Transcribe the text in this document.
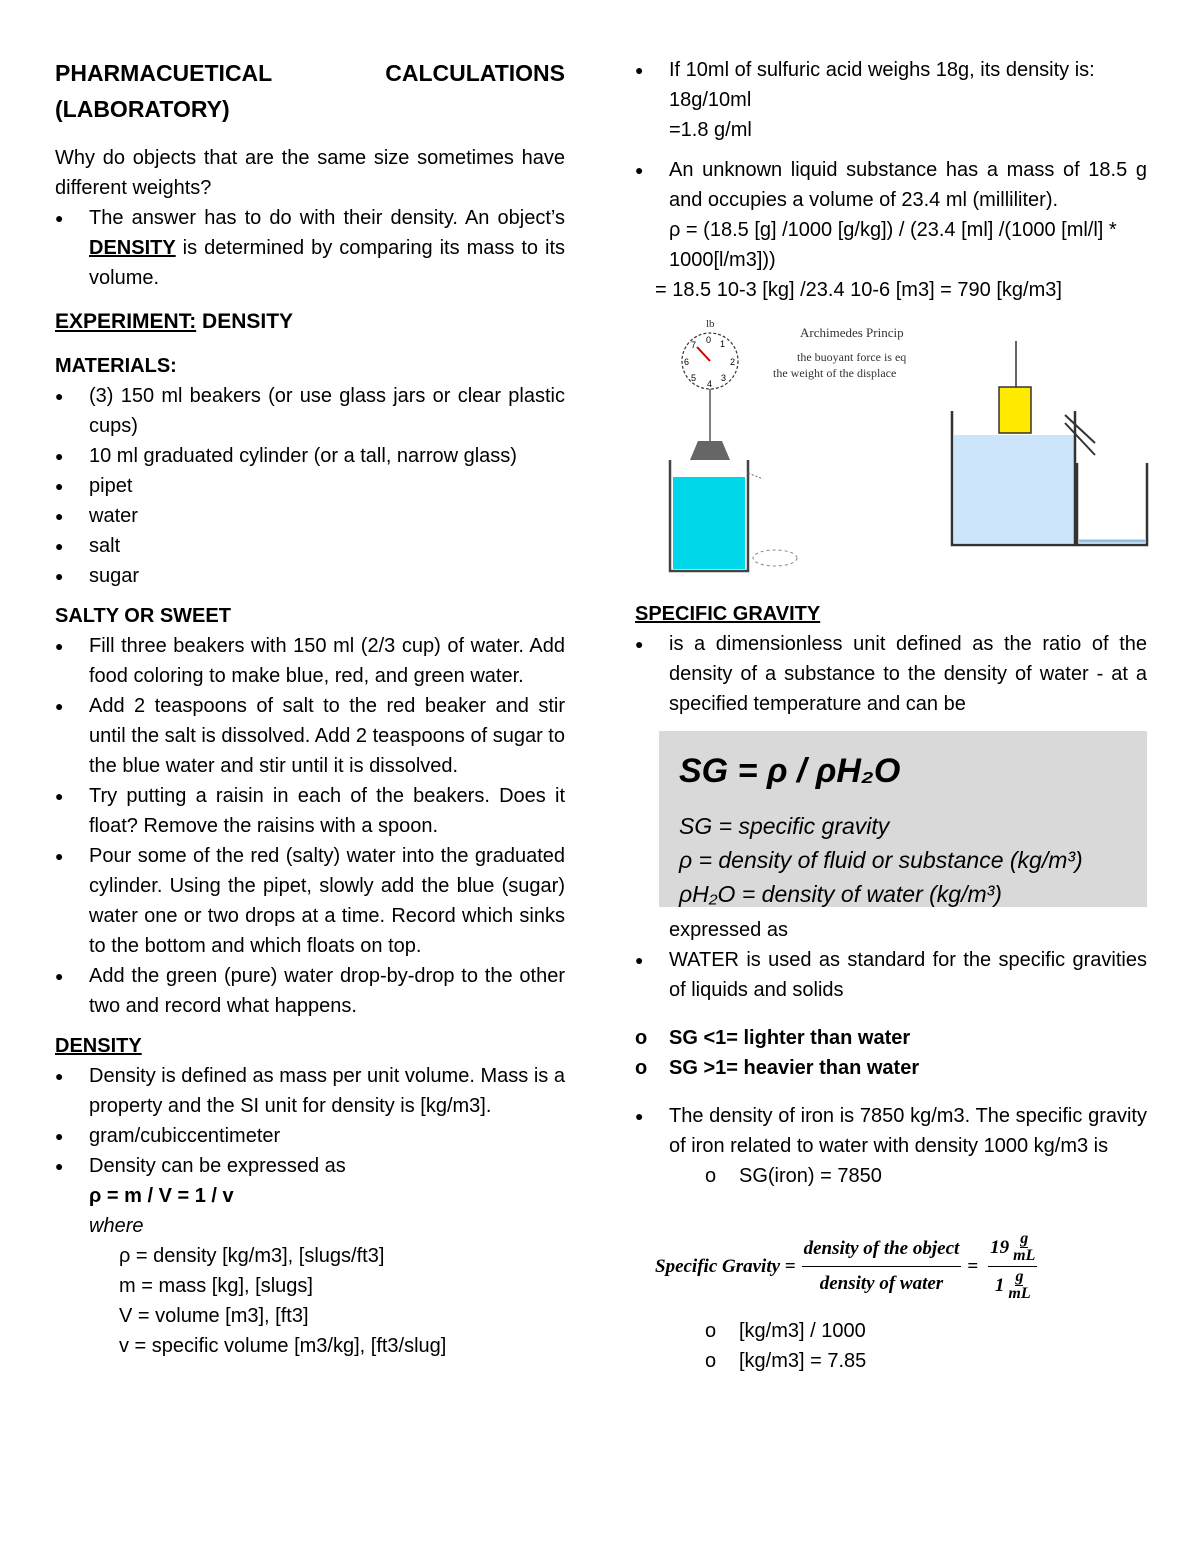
PHARMACUETICAL	CALCULATIONS
(LABORATORY)

Why do objects that are the same size sometimes have different weights?

● The answer has to do with their density. An object’s DENSITY is determined by comparing its mass to its volume.

EXPERIMENT: DENSITY

MATERIALS:

● (3) 150 ml beakers (or use glass jars or clear plastic cups)
● 10 ml graduated cylinder (or a tall, narrow glass)
● pipet
● water
● salt
● sugar

SALTY OR SWEET

● Fill three beakers with 150 ml (2/3 cup) of water. Add food coloring to make blue, red, and green water.
● Add 2 teaspoons of salt to the red beaker and stir until the salt is dissolved. Add 2 teaspoons of sugar to the blue water and stir until it is dissolved.
● Try putting a raisin in each of the beakers. Does it float? Remove the raisins with a spoon.
● Pour some of the red (salty) water into the graduated cylinder. Using the pipet, slowly add the blue (sugar) water one or two drops at a time. Record which sinks to the bottom and which floats on top.
● Add the green (pure) water drop-by-drop to the other two and record what happens.

DENSITY

● Density is defined as mass per unit volume. Mass is a property and the SI unit for density is [kg/m3].
● gram/cubiccentimeter
● Density can be expressed as

ρ = m / V = 1 / v

where

ρ = density [kg/m3], [slugs/ft3]

m = mass [kg], [slugs]

V = volume [m3], [ft3]

v = specific volume [m3/kg], [ft3/slug]

● If 10ml of sulfuric acid weighs 18g, its density is:
18g/10ml
=1.8 g/ml
● An unknown liquid substance has a mass of 18.5 g and occupies a volume of 23.4 ml (milliliter).
ρ = (18.5 [g] /1000 [g/kg]) / (23.4 [ml] /(1000 [ml/l] * 1000[l/m3]))

= 18.5 10-3 [kg] /23.4 10-6 [m3] = 790 [kg/m3]

lb
0 1
2
3
4
5
6
7
Archimedes Princip
the buoyant force is eq
the weight of the displace

SPECIFIC GRAVITY

● is a dimensionless unit defined as the ratio of the density of a substance to the density of water - at a specified temperature and can be
SG = ρ / ρH₂O
SG = specific gravity
ρ = density of fluid or substance (kg/m³)
ρH₂O = density of water (kg/m³)

expressed as

● WATER is used as standard for the specific gravities of liquids and solids
o SG <1= lighter than water
o SG >1= heavier than water
● The density of iron is 7850 kg/m3. The specific gravity of iron related to water with density 1000 kg/m3 is
o SG(iron) = 7850
Specific Gravity = $\frac{\text{density of the object}}{\text{density of water}} = \frac{19 \frac{g}{mL}}{1 \frac{g}{mL}}$
o [kg/m3] / 1000
o [kg/m3] = 7.85
